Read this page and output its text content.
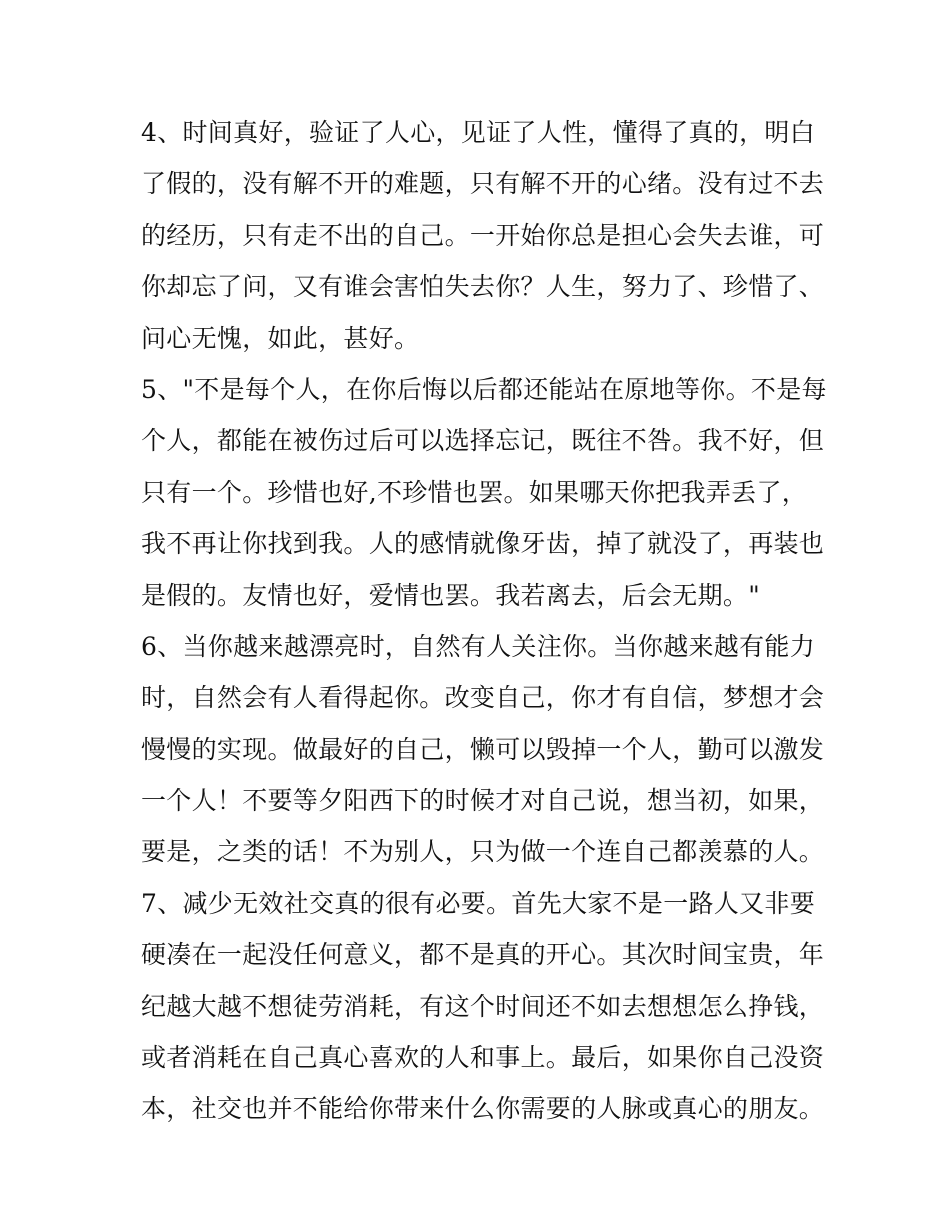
4、时间真好，验证了人心，见证了人性，懂得了真的，明白
了假的，没有解不开的难题，只有解不开的心绪。没有过不去
的经历，只有走不出的自己。一开始你总是担心会失去谁，可
你却忘了问，又有谁会害怕失去你？人生，努力了、珍惜了、
问心无愧，如此，甚好。
5、"不是每个人，在你后悔以后都还能站在原地等你。不是每
个人，都能在被伤过后可以选择忘记，既往不咎。我不好，但
只有一个。珍惜也好,不珍惜也罢。如果哪天你把我弄丢了，
我不再让你找到我。人的感情就像牙齿，掉了就没了，再装也
是假的。友情也好，爱情也罢。我若离去，后会无期。"
6、当你越来越漂亮时，自然有人关注你。当你越来越有能力
时，自然会有人看得起你。改变自己，你才有自信，梦想才会
慢慢的实现。做最好的自己，懒可以毁掉一个人，勤可以激发
一个人！不要等夕阳西下的时候才对自己说，想当初，如果，
要是，之类的话！不为别人，只为做一个连自己都羡慕的人。
7、减少无效社交真的很有必要。首先大家不是一路人又非要
硬凑在一起没任何意义，都不是真的开心。其次时间宝贵，年
纪越大越不想徒劳消耗，有这个时间还不如去想想怎么挣钱，
或者消耗在自己真心喜欢的人和事上。最后，如果你自己没资
本，社交也并不能给你带来什么你需要的人脉或真心的朋友。
